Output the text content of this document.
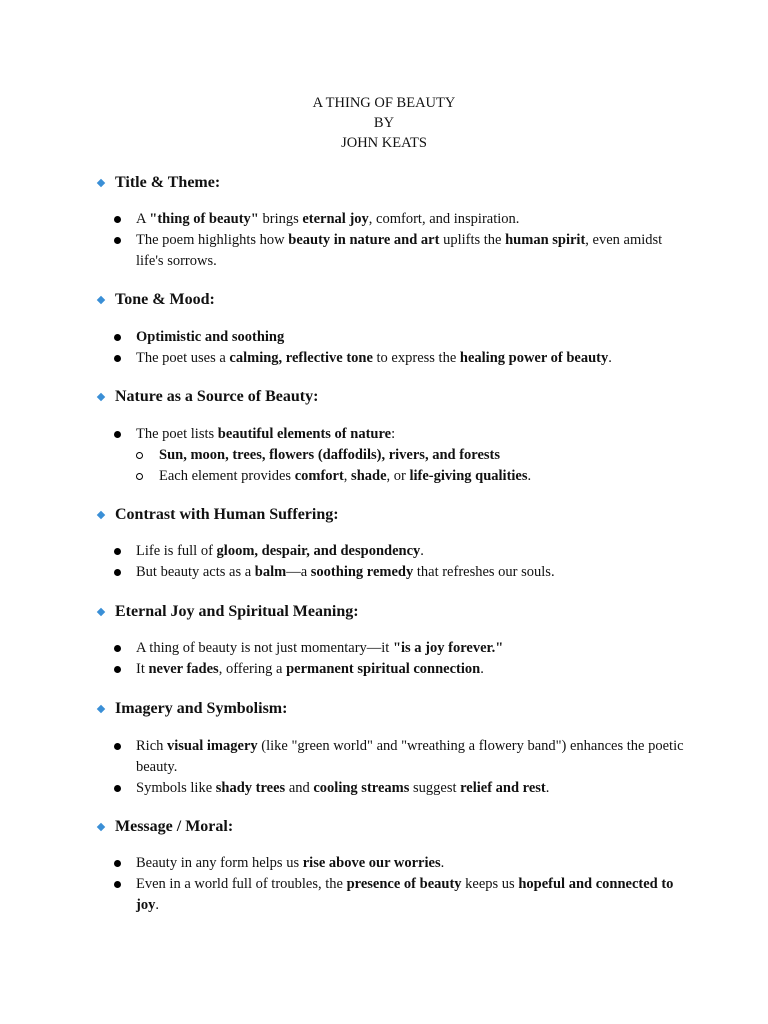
A THING OF BEAUTY
BY
JOHN KEATS
Title & Theme:
A "thing of beauty" brings eternal joy, comfort, and inspiration.
The poem highlights how beauty in nature and art uplifts the human spirit, even amidst life's sorrows.
Tone & Mood:
Optimistic and soothing
The poet uses a calming, reflective tone to express the healing power of beauty.
Nature as a Source of Beauty:
The poet lists beautiful elements of nature:
Sun, moon, trees, flowers (daffodils), rivers, and forests
Each element provides comfort, shade, or life-giving qualities.
Contrast with Human Suffering:
Life is full of gloom, despair, and despondency.
But beauty acts as a balm—a soothing remedy that refreshes our souls.
Eternal Joy and Spiritual Meaning:
A thing of beauty is not just momentary—it "is a joy forever."
It never fades, offering a permanent spiritual connection.
Imagery and Symbolism:
Rich visual imagery (like "green world" and "wreathing a flowery band") enhances the poetic beauty.
Symbols like shady trees and cooling streams suggest relief and rest.
Message / Moral:
Beauty in any form helps us rise above our worries.
Even in a world full of troubles, the presence of beauty keeps us hopeful and connected to joy.
